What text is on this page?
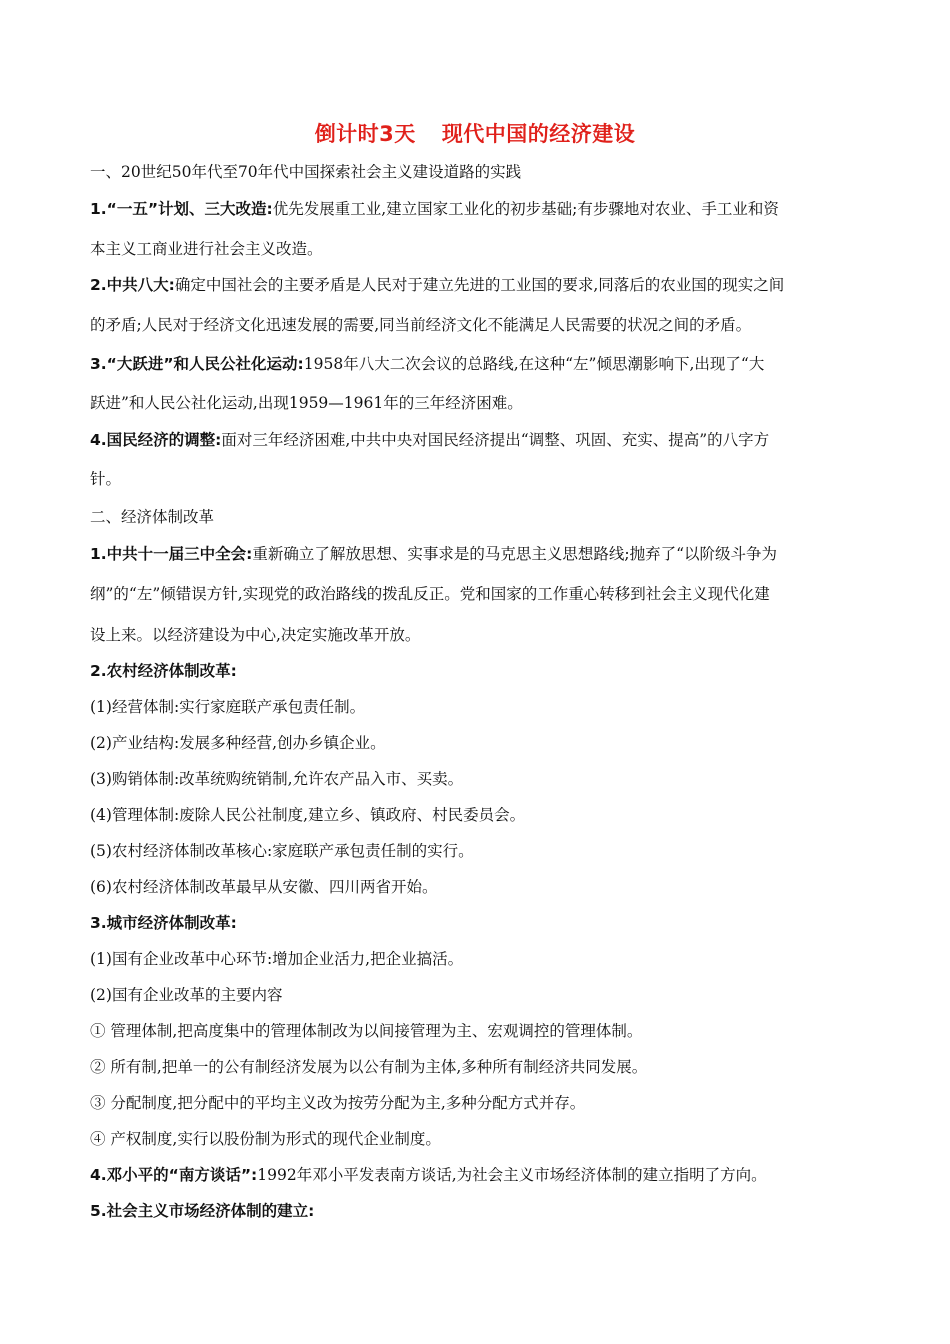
倒计时3天 现代中国的经济建设
一、20世纪50年代至70年代中国探索社会主义建设道路的实践
1.“一五”计划、三大改造:优先发展重工业,建立国家工业化的初步基础;有步骤地对农业、手工业和资
本主义工商业进行社会主义改造。
2.中共八大:确定中国社会的主要矛盾是人民对于建立先进的工业国的要求,同落后的农业国的现实之间
的矛盾;人民对于经济文化迅速发展的需要,同当前经济文化不能满足人民需要的状况之间的矛盾。
3.“大跃进”和人民公社化运动:1958年八大二次会议的总路线,在这种“左”倾思潮影响下,出现了“大
跃进”和人民公社化运动,出现1959—1961年的三年经济困难。
4.国民经济的调整:面对三年经济困难,中共中央对国民经济提出“调整、巩固、充实、提高”的八字方
针。
二、经济体制改革
1.中共十一届三中全会:重新确立了解放思想、实事求是的马克思主义思想路线;抛弃了“以阶级斗争为
纲”的“左”倾错误方针,实现党的政治路线的拨乱反正。党和国家的工作重心转移到社会主义现代化建
设上来。以经济建设为中心,决定实施改革开放。
2.农村经济体制改革:
(1)经营体制:实行家庭联产承包责任制。
(2)产业结构:发展多种经营,创办乡镇企业。
(3)购销体制:改革统购统销制,允许农产品入市、买卖。
(4)管理体制:废除人民公社制度,建立乡、镇政府、村民委员会。
(5)农村经济体制改革核心:家庭联产承包责任制的实行。
(6)农村经济体制改革最早从安徽、四川两省开始。
3.城市经济体制改革:
(1)国有企业改革中心环节:增加企业活力,把企业搞活。
(2)国有企业改革的主要内容
① 管理体制,把高度集中的管理体制改为以间接管理为主、宏观调控的管理体制。
② 所有制,把单一的公有制经济发展为以公有制为主体,多种所有制经济共同发展。
③ 分配制度,把分配中的平均主义改为按劳分配为主,多种分配方式并存。
④ 产权制度,实行以股份制为形式的现代企业制度。
4.邓小平的“南方谈话”:1992年邓小平发表南方谈话,为社会主义市场经济体制的建立指明了方向。
5.社会主义市场经济体制的建立:
